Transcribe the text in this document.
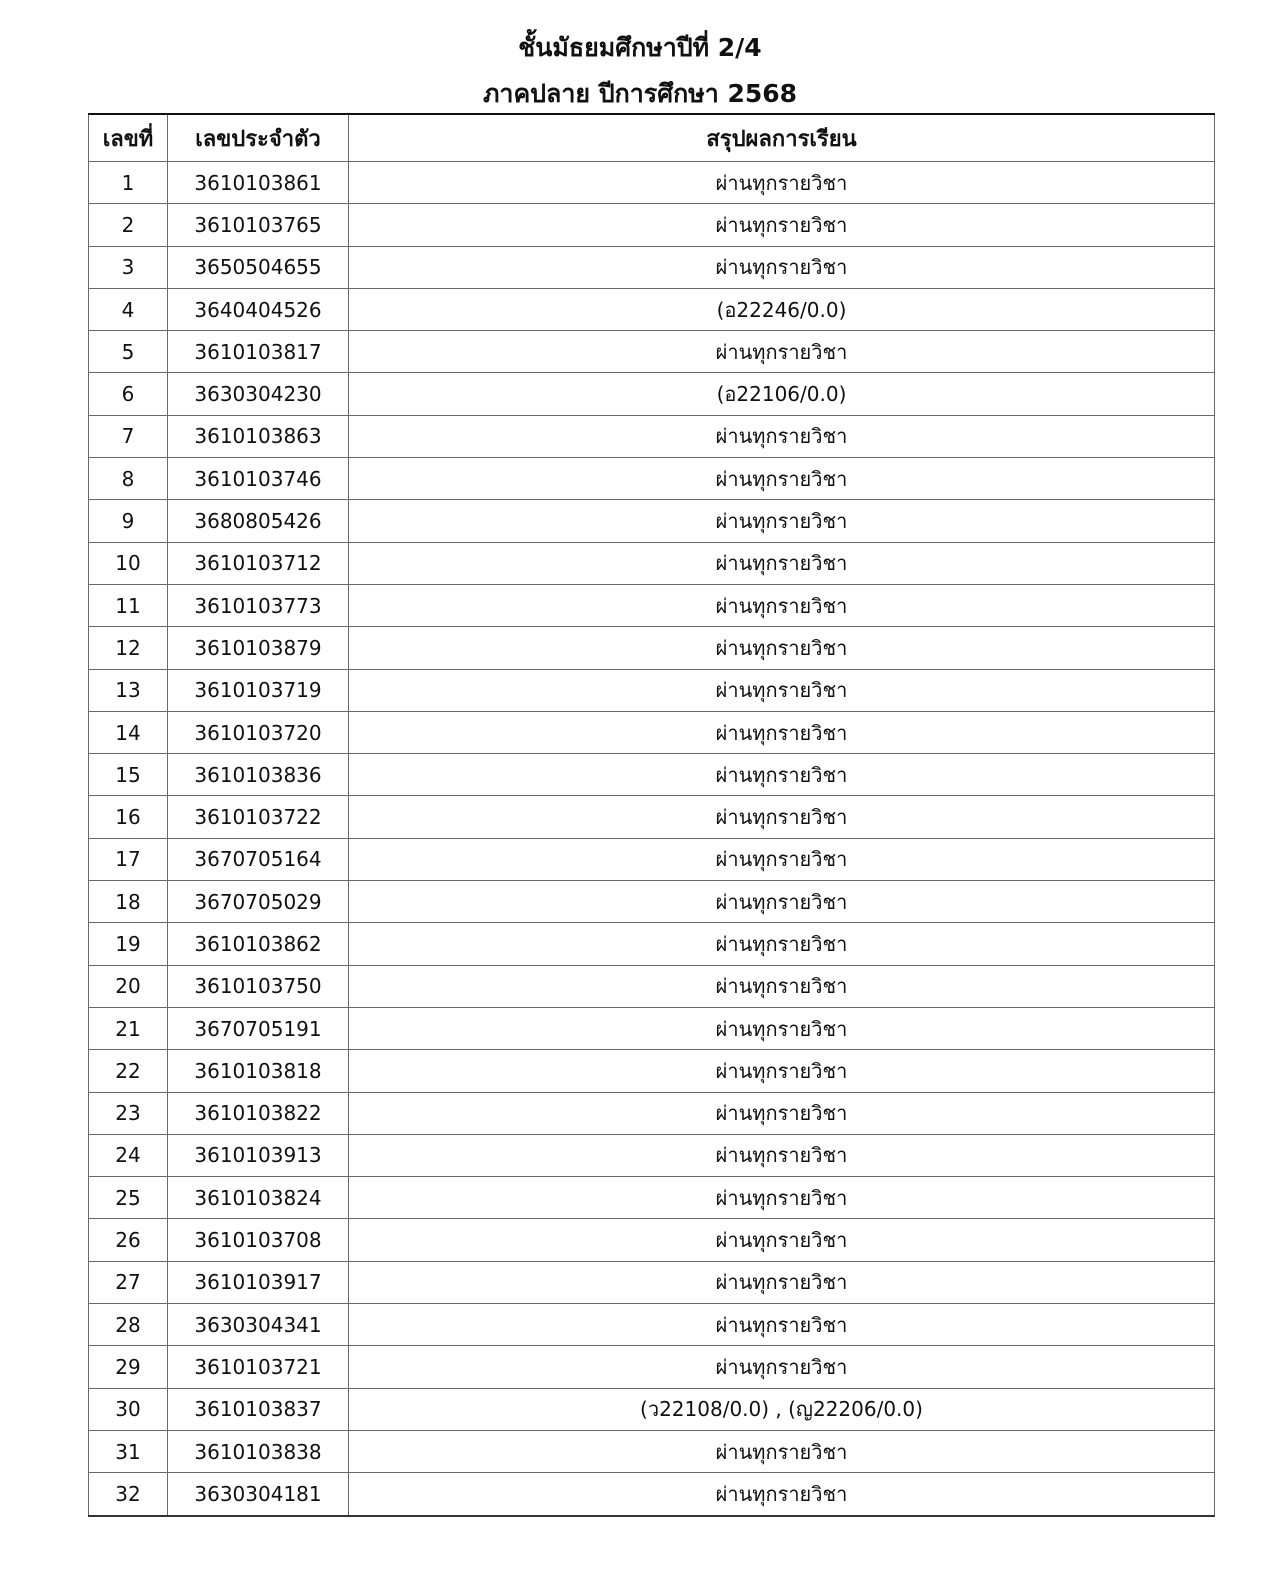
ชั้นมัธยมศึกษาปีที่ 2/4
ภาคปลาย ปีการศึกษา 2568
เลขที่	เลขประจำตัว	สรุปผลการเรียน
1	3610103861	ผ่านทุกรายวิชา
2	3610103765	ผ่านทุกรายวิชา
3	3650504655	ผ่านทุกรายวิชา
4	3640404526	(อ22246/0.0)
5	3610103817	ผ่านทุกรายวิชา
6	3630304230	(อ22106/0.0)
7	3610103863	ผ่านทุกรายวิชา
8	3610103746	ผ่านทุกรายวิชา
9	3680805426	ผ่านทุกรายวิชา
10	3610103712	ผ่านทุกรายวิชา
11	3610103773	ผ่านทุกรายวิชา
12	3610103879	ผ่านทุกรายวิชา
13	3610103719	ผ่านทุกรายวิชา
14	3610103720	ผ่านทุกรายวิชา
15	3610103836	ผ่านทุกรายวิชา
16	3610103722	ผ่านทุกรายวิชา
17	3670705164	ผ่านทุกรายวิชา
18	3670705029	ผ่านทุกรายวิชา
19	3610103862	ผ่านทุกรายวิชา
20	3610103750	ผ่านทุกรายวิชา
21	3670705191	ผ่านทุกรายวิชา
22	3610103818	ผ่านทุกรายวิชา
23	3610103822	ผ่านทุกรายวิชา
24	3610103913	ผ่านทุกรายวิชา
25	3610103824	ผ่านทุกรายวิชา
26	3610103708	ผ่านทุกรายวิชา
27	3610103917	ผ่านทุกรายวิชา
28	3630304341	ผ่านทุกรายวิชา
29	3610103721	ผ่านทุกรายวิชา
30	3610103837	(ว22108/0.0) , (ญ22206/0.0)
31	3610103838	ผ่านทุกรายวิชา
32	3630304181	ผ่านทุกรายวิชา
